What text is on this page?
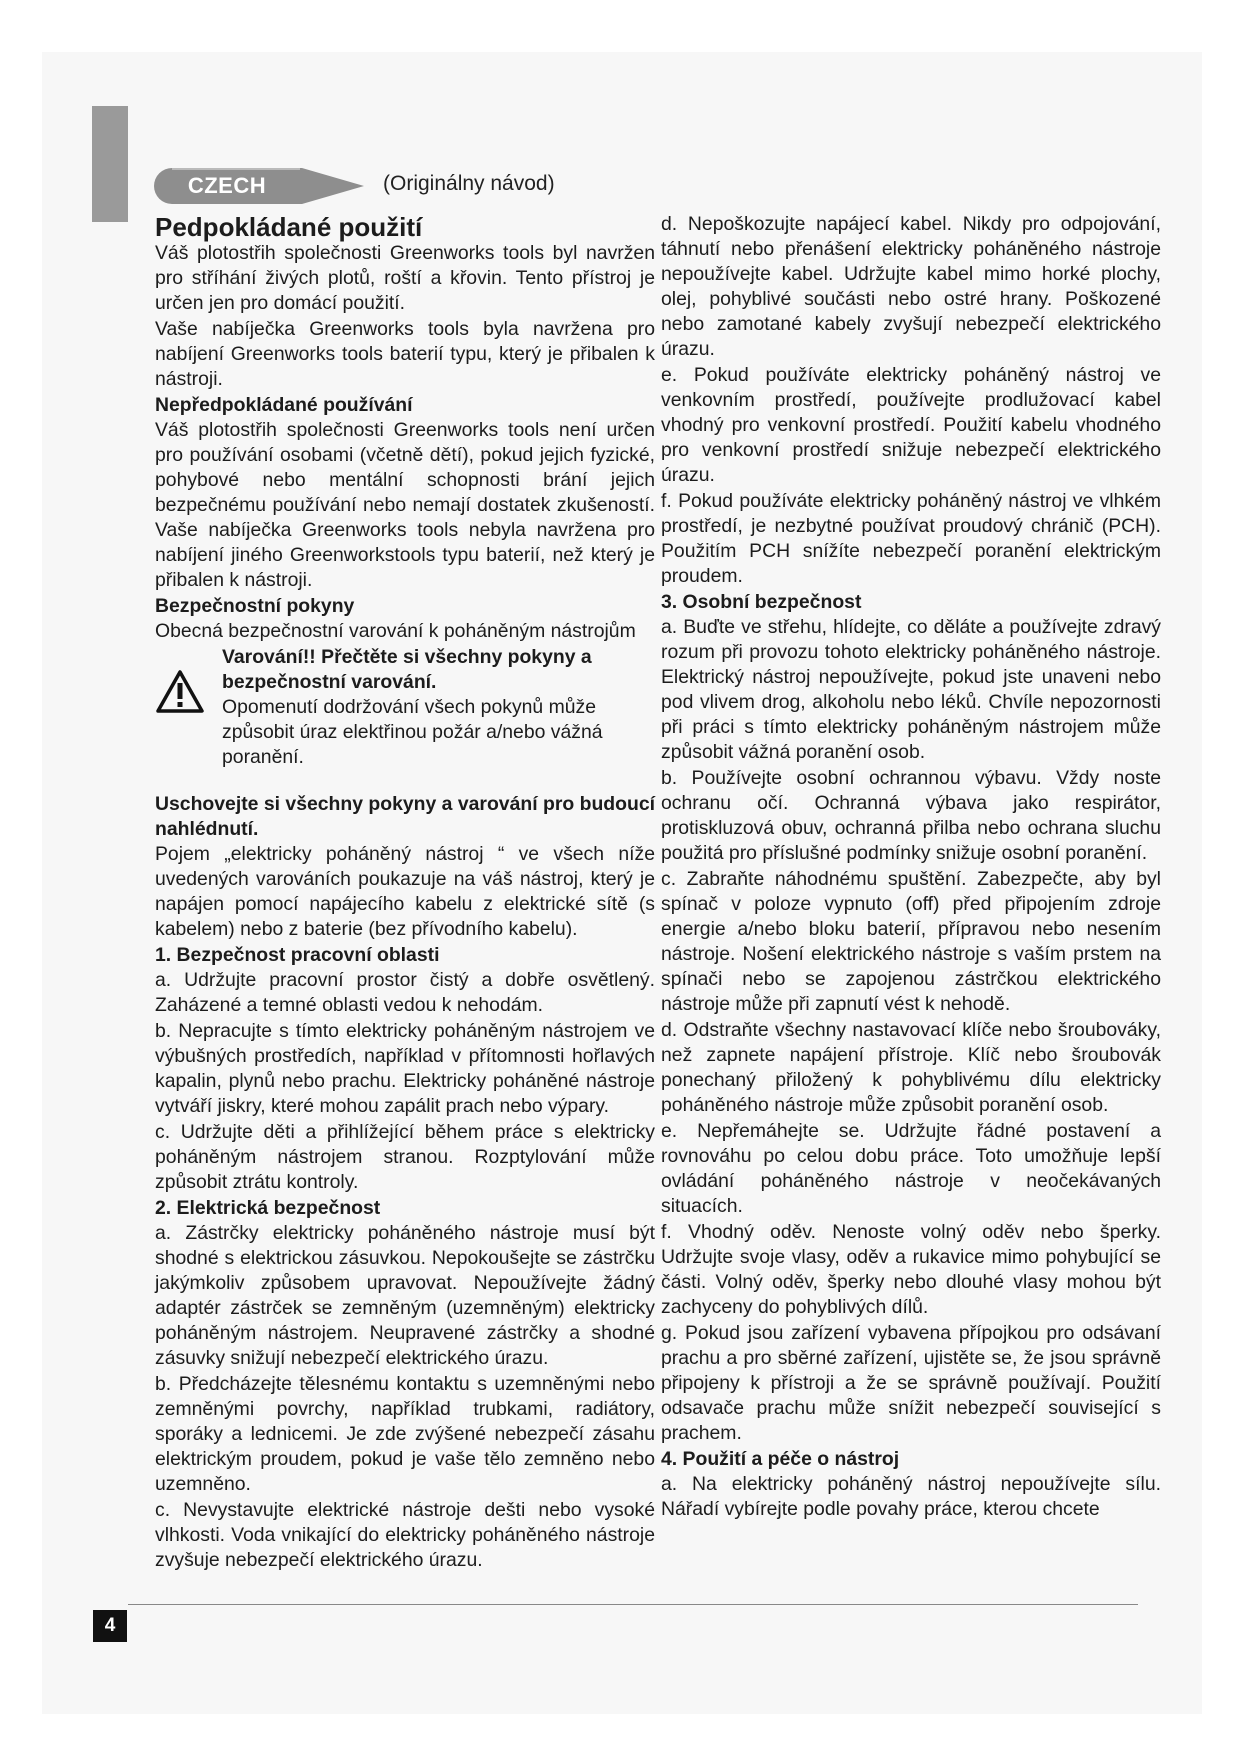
CZECH	(Originálny návod)
Pedpokládané použití

Váš plotostřih společnosti Greenworks tools byl navržen pro stříhání živých plotů, roští a křovin. Tento přístroj je určen jen pro domácí použití.

Vaše nabíječka Greenworks tools byla navržena pro nabíjení Greenworks tools baterií typu, který je přibalen k nástroji.

Nepředpokládané používání

Váš plotostřih společnosti Greenworks tools není určen pro používání osobami (včetně dětí), pokud jejich fyzické, pohybové nebo mentální schopnosti brání jejich bezpečnému používání nebo nemají dostatek zkušeností. Vaše nabíječka Greenworks tools nebyla navržena pro nabíjení jiného Greenworkstools typu baterií, než který je přibalen k nástroji.

Bezpečnostní pokyny

Obecná bezpečnostní varování k poháněným nástrojům

Varování!! Přečtěte si všechny pokyny a bezpečnostní varování.

Opomenutí dodržování všech pokynů může způsobit úraz elektřinou požár a/nebo vážná poranění.

Uschovejte si všechny pokyny a varování pro budoucí nahlédnutí.

Pojem „elektricky poháněný nástroj “ ve všech níže uvedených varováních poukazuje na váš nástroj, který je napájen pomocí napájecího kabelu z elektrické sítě (s kabelem) nebo z baterie (bez přívodního kabelu).

1. Bezpečnost pracovní oblasti

a. Udržujte pracovní prostor čistý a dobře osvětlený. Zaházené a temné oblasti vedou k nehodám.

b. Nepracujte s tímto elektricky poháněným nástrojem ve výbušných prostředích, například v přítomnosti hořlavých kapalin, plynů nebo prachu. Elektricky poháněné nástroje vytváří jiskry, které mohou zapálit prach nebo výpary.

c. Udržujte děti a přihlížející během práce s elektricky poháněným nástrojem stranou. Rozptylování může způsobit ztrátu kontroly.

2. Elektrická bezpečnost

a. Zástrčky elektricky poháněného nástroje musí být shodné s elektrickou zásuvkou. Nepokoušejte se zástrčku jakýmkoliv způsobem upravovat. Nepoužívejte žádný adaptér zástrček se zemněným (uzemněným) elektricky poháněným nástrojem. Neupravené zástrčky a shodné zásuvky snižují nebezpečí elektrického úrazu.

b. Předcházejte tělesnému kontaktu s uzemněnými nebo zemněnými povrchy, například trubkami, radiátory, sporáky a lednicemi. Je zde zvýšené nebezpečí zásahu elektrickým proudem, pokud je vaše tělo zemněno nebo uzemněno.

c. Nevystavujte elektrické nástroje dešti nebo vysoké vlhkosti. Voda vnikající do elektricky poháněného nástroje zvyšuje nebezpečí elektrického úrazu.

d. Nepoškozujte napájecí kabel. Nikdy pro odpojování, táhnutí nebo přenášení elektricky poháněného nástroje nepoužívejte kabel. Udržujte kabel mimo horké plochy, olej, pohyblivé součásti nebo ostré hrany. Poškozené nebo zamotané kabely zvyšují nebezpečí elektrického úrazu.

e. Pokud používáte elektricky poháněný nástroj ve venkovním prostředí, používejte prodlužovací kabel vhodný pro venkovní prostředí. Použití kabelu vhodného pro venkovní prostředí snižuje nebezpečí elektrického úrazu.

f. Pokud používáte elektricky poháněný nástroj ve vlhkém prostředí, je nezbytné používat proudový chránič (PCH). Použitím PCH snížíte nebezpečí poranění elektrickým proudem.

3. Osobní bezpečnost

a. Buďte ve střehu, hlídejte, co děláte a používejte zdravý rozum při provozu tohoto elektricky poháněného nástroje. Elektrický nástroj nepoužívejte, pokud jste unaveni nebo pod vlivem drog, alkoholu nebo léků. Chvíle nepozornosti při práci s tímto elektricky poháněným nástrojem může způsobit vážná poranění osob.

b. Používejte osobní ochrannou výbavu. Vždy noste ochranu očí. Ochranná výbava jako respirátor, protiskluzová obuv, ochranná přilba nebo ochrana sluchu použitá pro příslušné podmínky snižuje osobní poranění.

c. Zabraňte náhodnému spuštění. Zabezpečte, aby byl spínač v poloze vypnuto (off) před připojením zdroje energie a/nebo bloku baterií, přípravou nebo nesením nástroje. Nošení elektrického nástroje s vaším prstem na spínači nebo se zapojenou zástrčkou elektrického nástroje může při zapnutí vést k nehodě.

d. Odstraňte všechny nastavovací klíče nebo šroubováky, než zapnete napájení přístroje. Klíč nebo šroubovák ponechaný přiložený k pohyblivému dílu elektricky poháněného nástroje může způsobit poranění osob.

e. Nepřemáhejte se. Udržujte řádné postavení a rovnováhu po celou dobu práce. Toto umožňuje lepší ovládání poháněného nástroje v neočekávaných situacích.

f. Vhodný oděv. Nenoste volný oděv nebo šperky. Udržujte svoje vlasy, oděv a rukavice mimo pohybující se části. Volný oděv, šperky nebo dlouhé vlasy mohou být zachyceny do pohyblivých dílů.

g. Pokud jsou zařízení vybavena přípojkou pro odsávaní prachu a pro sběrné zařízení, ujistěte se, že jsou správně připojeny k přístroji a že se správně používají. Použití odsavače prachu může snížit nebezpečí související s prachem.

4. Použití a péče o nástroj

a. Na elektricky poháněný nástroj nepoužívejte sílu. Nářadí vybírejte podle povahy práce, kterou chcete

4
